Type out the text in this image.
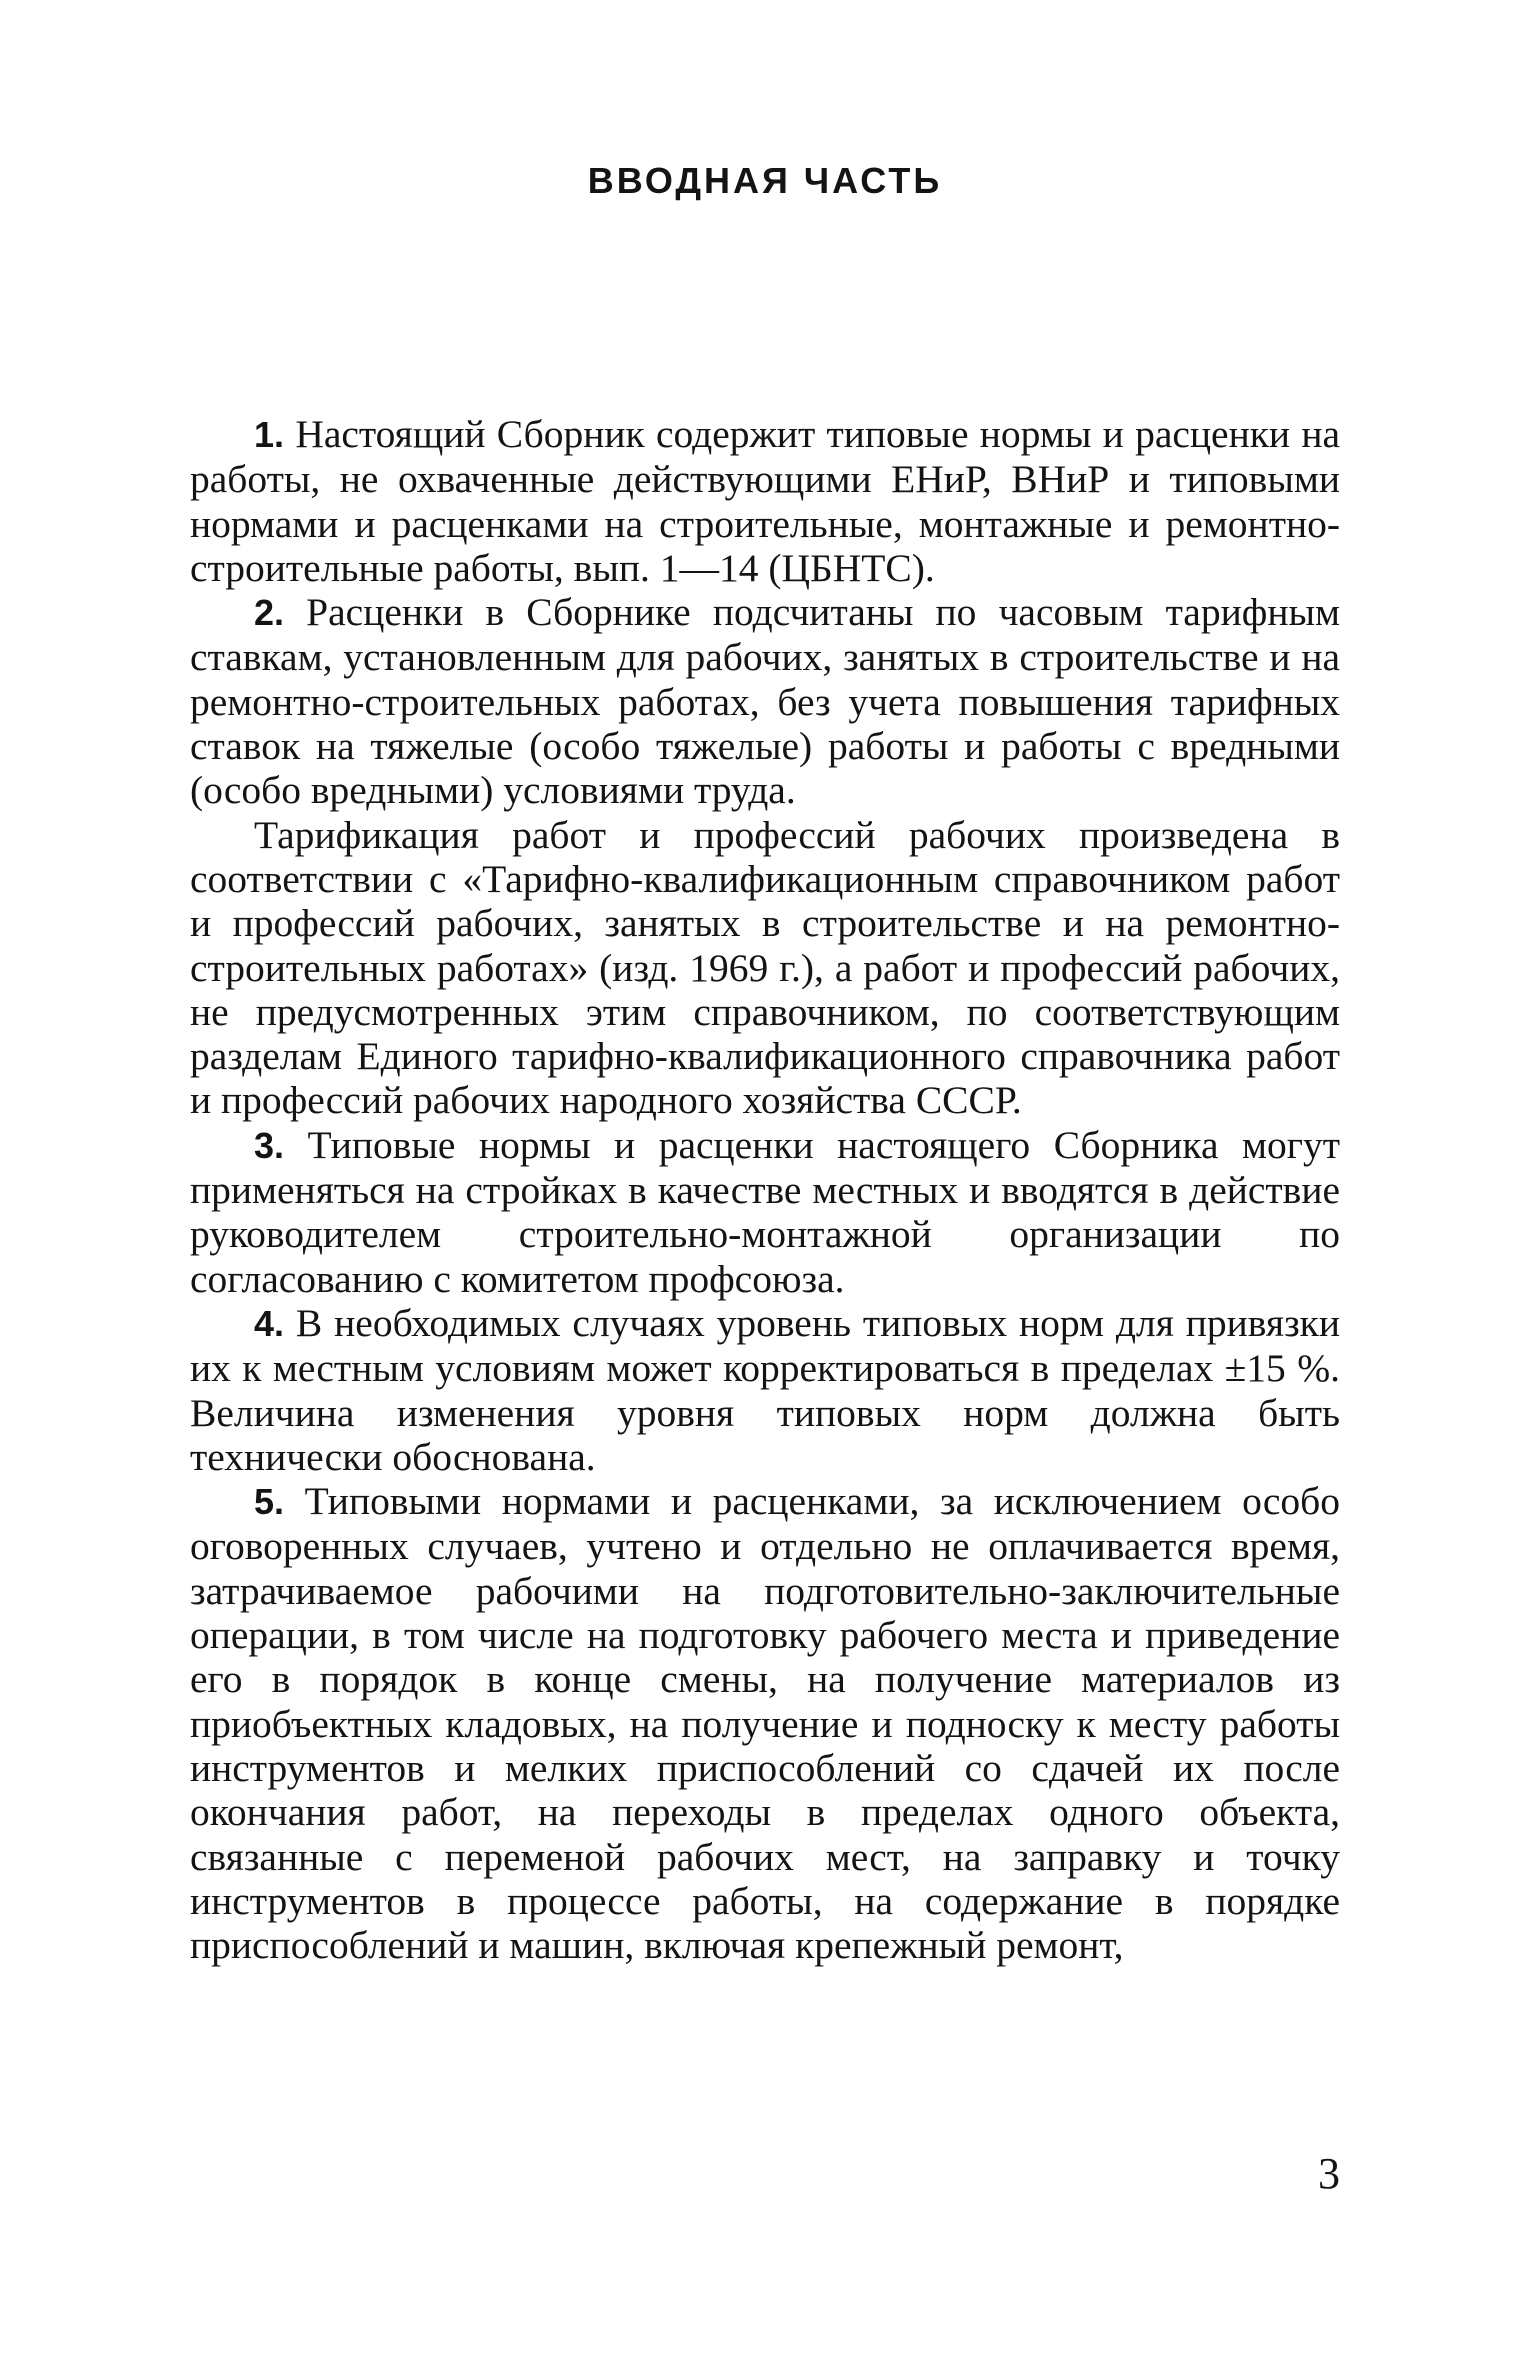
ВВОДНАЯ ЧАСТЬ

1. Настоящий Сборник содержит типовые нормы и расценки на работы, не охваченные действующими ЕНиР, ВНиР и типовыми нормами и расценками на строительные, монтажные и ремонтно-строительные работы, вып. 1—14 (ЦБНТС).

2. Расценки в Сборнике подсчитаны по часовым тарифным ставкам, установленным для рабочих, занятых в строительстве и на ремонтно-строительных работах, без учета повышения тарифных ставок на тяжелые (особо тяжелые) работы и работы с вредными (особо вредными) условиями труда.

Тарификация работ и профессий рабочих произведена в соответствии с «Тарифно-квалификационным справочником работ и профессий рабочих, занятых в строительстве и на ремонтно-строительных работах» (изд. 1969 г.), а работ и профессий рабочих, не предусмотренных этим справочником, по соответствующим разделам Единого тарифно-квалификационного справочника работ и профессий рабочих народного хозяйства СССР.

3. Типовые нормы и расценки настоящего Сборника могут применяться на стройках в качестве местных и вводятся в действие руководителем строительно-монтажной организации по согласованию с комитетом профсоюза.

4. В необходимых случаях уровень типовых норм для привязки их к местным условиям может корректироваться в пределах ±15 %. Величина изменения уровня типовых норм должна быть технически обоснована.

5. Типовыми нормами и расценками, за исключением особо оговоренных случаев, учтено и отдельно не оплачивается время, затрачиваемое рабочими на подготовительно-заключительные операции, в том числе на подготовку рабочего места и приведение его в порядок в конце смены, на получение материалов из приобъектных кладовых, на получение и подноску к месту работы инструментов и мелких приспособлений со сдачей их после окончания работ, на переходы в пределах одного объекта, связанные с переменой рабочих мест, на заправку и точку инструментов в процессе работы, на содержание в порядке приспособлений и машин, включая крепежный ремонт,

3
